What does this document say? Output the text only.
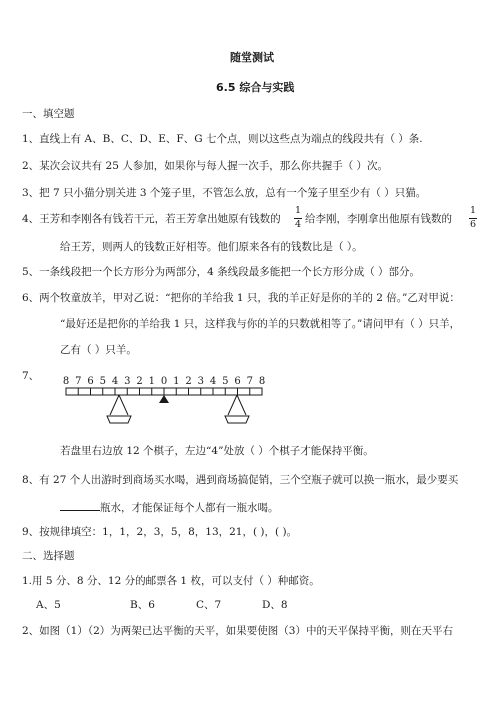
随堂测试
6.5 综合与实践
一、填空题
1、直线上有 A、B、C、D、E、F、G 七个点，则以这些点为端点的线段共有（ ）条.
2、某次会议共有 25 人参加，如果你与每人握一次手，那么你共握手（ ）次。
3、把 7 只小猫分别关进 3 个笼子里，不管怎么放，总有一个笼子里至少有（ ）只猫。
4、王芳和李刚各有钱若干元，若王芳拿出她原有钱数的
1
4 给李刚，李刚拿出他原有钱数的
1
6
给王芳，则两人的钱数正好相等。他们原来各有的钱数比是（ ）。
5、一条线段把一个长方形分为两部分，4 条线段最多能把一个长方形分成（ ）部分。
6、两个牧童放羊，甲对乙说：“把你的羊给我 1 只，我的羊正好是你的羊的 2 倍。”乙对甲说：
“最好还是把你的羊给我 1 只，这样我与你的羊的只数就相等了。”请问甲有（ ）只羊，
乙有（ ）只羊。
7、 8 7 6 5 4 3 2 1 0 1 2 3 4 5 6 7 8
若盘里右边放 12 个棋子，左边“4”处放（ ）个棋子才能保持平衡。
8、有 27 个人出游时到商场买水喝，遇到商场搞促销，三个空瓶子就可以换一瓶水，最少要买
瓶水，才能保证每个人都有一瓶水喝。
9、按规律填空：1，1，2，3，5，8，13，21，( )，( )。
二、选择题
1.用 5 分、8 分、12 分的邮票各 1 枚，可以支付（ ）种邮资。
A、5	B、6	C、7	D、8
2、如图（1）（2）为两架已达平衡的天平，如果要使图（3）中的天平保持平衡，则在天平右
